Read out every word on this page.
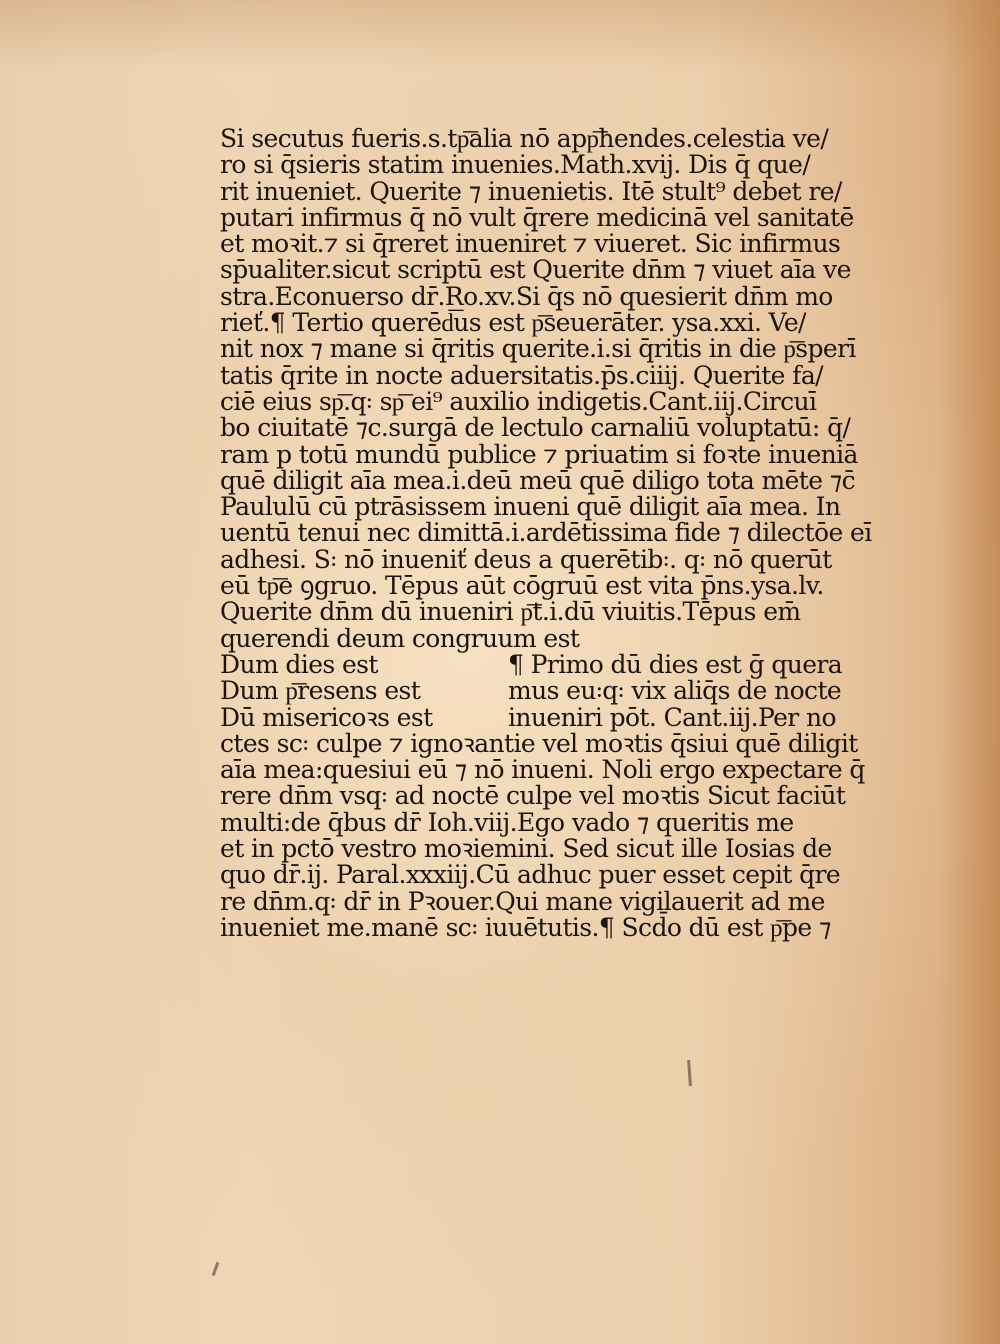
Si secutus fueris.s.tp͞alia nō app͞hendes.celestia ve/
ro si q̄sieris statim inuenies.Math.xvij. Dis q̄ que/
rit inueniet. Querite ⁊ inuenietis. Itē stult⁹ debet re/
putari infirmus q̄ nō vult q̄rere medicinā vel sanitatē
et moꝛit.⁊ si q̄reret inueniret ⁊ viueret. Sic infirmus
sp̄ualiter.sicut scriptū est Querite dn̄m ⁊ viuet aīa ve
stra.Econuerso dr̄.Ro.xv.Si q̄s nō quesierit dn̄m mo
rieť.¶ Tertio querēd͞us est p͞seuerāter. ysa.xxi. Ve/
nit nox ⁊ mane si q̄ritis querite.i.si q̄ritis in die p͞sperī
tatis q̄rite in nocte aduersitatis.p̄s.ciiij. Querite fa/
ciē eius sp͞.q꞉ sp͞ ei⁹ auxilio indigetis.Cant.iij.Circuī
bo ciuitatē ⁊c.surgā de lectulo carnaliū voluptatū: q̄/
ram p totū mundū publice ⁊ priuatim si foꝛte inueniā
quē diligit aīa mea.i.deū meū quē diligo tota mēte ⁊c̄
Paululū cū ptrāsissem inueni quē diligit aīa mea. In
uentū tenui nec dimittā.i.ardētissima fide ⁊ dilectōe eī
adhesi. S꞉ nō inueniť deus a querētib꞉. q꞉ nō querūt
eū tp͞e ꝯgruo. Tēpus aūt cōgruū est vita p̄ns.ysa.lv.
Querite dn̄m dū inueniri p͞t.i.dū viuitis.Tēpus em̄
querendi deum congruum est
Dum dies est
Dum p͞resens est
Dū misericoꝛs est
¶ Primo dū dies est ḡ quera
mus eu꞉q꞉ vix aliq̄s de nocte
inueniri pōt. Cant.iij.Per no
ctes sc꞉ culpe ⁊ ignoꝛantie vel moꝛtis q̄siui quē diligit
aīa mea:quesiui eū ⁊ nō inueni. Noli ergo expectare q̄
rere dn̄m vsq꞉ ad noctē culpe vel moꝛtis Sicut faciūt
multi:de q̄bus dr̄ Ioh.viij.Ego vado ⁊ queritis me
et in pctō vestro moꝛiemini. Sed sicut ille Iosias de
quo dr̄.ij. Paral.xxxiij.Cū adhuc puer esset cepit q̄re
re dn̄m.q꞉ dr̄ in Pꝛouer.Qui mane vigilauerit ad me
inueniet me.manē sc꞉ iuuētutis.¶ Scd̄o dū est p͞pe ⁊
